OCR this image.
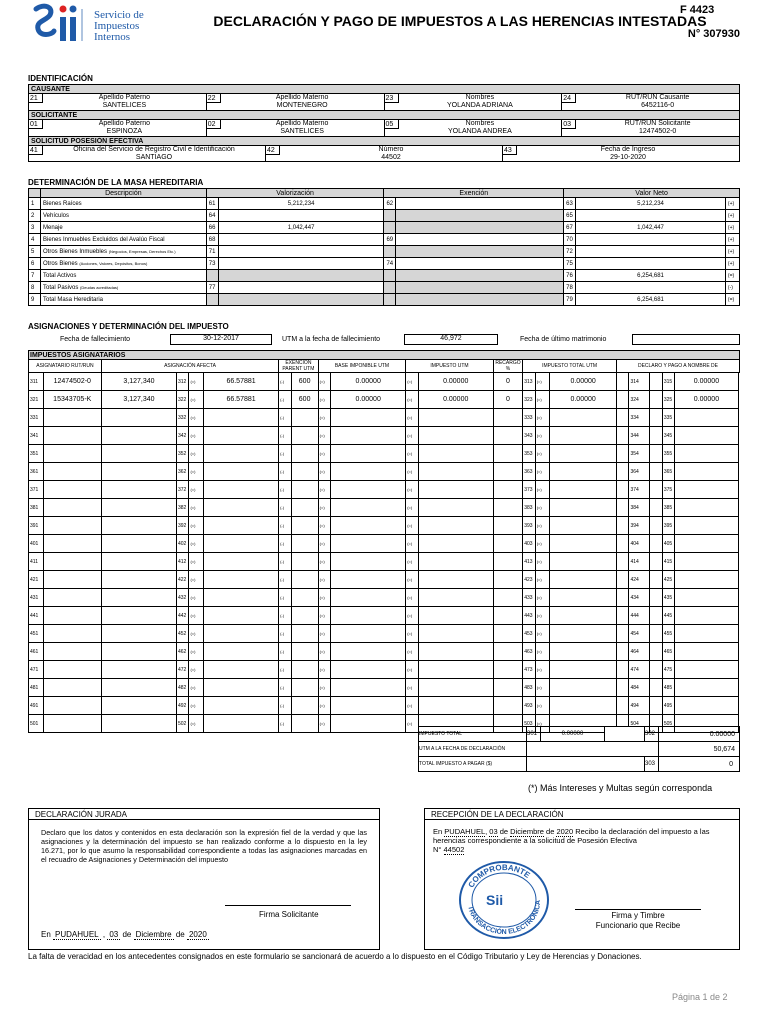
Servicio de
Impuestos
Internos
F 4423
DECLARACIÓN Y PAGO DE IMPUESTOS A LAS HERENCIAS INTESTADAS
N° 307930
IDENTIFICACIÓN
CAUSANTE
21	Apellido Paterno
SANTELICES
22	Apellido Materno
MONTENEGRO
23	Nombres
YOLANDA ADRIANA
24	RUT/RUN Causante
6452116-0
SOLICITANTE
01	Apellido Paterno
ESPINOZA
02	Apellido Materno
SANTELICES
05	Nombres
YOLANDA ANDREA
03	RUT/RUN Solicitante
12474502-0
SOLICITUD POSESIÓN EFECTIVA
41	Oficina del Servicio de Registro Civil e Identificación
SANTIAGO
42	Número
44502
43	Fecha de Ingreso
29-10-2020
DETERMINACIÓN DE LA MASA HEREDITARIA
	Descripción	Valorización		Exención		Valor Neto		
1	Bienes Raíces	61	5,212,234	62		63	5,212,234	(+)
2	Vehículos	64				65		(+)
3	Menaje	66	1,042,447			67	1,042,447	(+)
4	Bienes Inmuebles Excluidos del Avalúo Fiscal	68		69		70		(+)
5	Otros Bienes Inmuebles (Negocios, Empresas, Derechos Etc.)	71				72		(+)
6	Otros Bienes (Acciones, Valores, Depósitos, Bonos)	73		74		75		(+)
7	Total Activos					76	6,254,681	(=)
8	Total Pasivos (Deudas acreditadas)	77				78		(-)
9	Total Masa Hereditaria					79	6,254,681	(=)
ASIGNACIONES Y DETERMINACIÓN DEL IMPUESTO
Fecha de fallecimiento	30-12-2017	UTM a la fecha de fallecimiento	46,972	Fecha de último matrimonio
IMPUESTOS ASIGNATARIOS																					
ASIGNATARIO RUT/RUN		ASIGNACIÓN AFECTA				EXENCIÓN PARENT UTM		BASE IMPONIBLE UTM		IMPUESTO UTM		RECARGO %	IMPUESTO TOTAL UTM			DECLARO Y PAGO A NOMBRE DE					
311	12474502-0	3,127,340	312	(=)	66.57881	(-)	600	(=)	0.00000	(=)	0.00000	0	313	(=)	0.00000		314		315	0.00000	
321	15343705-K	3,127,340	322	(=)	66.57881	(-)	600	(=)	0.00000	(=)	0.00000	0	323	(=)	0.00000		324		325	0.00000	
331			332	(=)		(-)		(=)		(=)			333	(=)			334		335		
341			342	(=)		(-)		(=)		(=)			343	(=)			344		345		
351			352	(=)		(-)		(=)		(=)			353	(=)			354		355		
361			362	(=)		(-)		(=)		(=)			363	(=)			364		365		
371			372	(=)		(-)		(=)		(=)			373	(=)			374		375		
381			382	(=)		(-)		(=)		(=)			383	(=)			384		385		
391			392	(=)		(-)		(=)		(=)			393	(=)			394		395		
401			402	(=)		(-)		(=)		(=)			403	(=)			404		405		
411			412	(=)		(-)		(=)		(=)			413	(=)			414		415		
421			422	(=)		(-)		(=)		(=)			423	(=)			424		425		
431			432	(=)		(-)		(=)		(=)			433	(=)			434		435		
441			442	(=)		(-)		(=)		(=)			443	(=)			444		445		
451			452	(=)		(-)		(=)		(=)			453	(=)			454		455		
461			462	(=)		(-)		(=)		(=)			463	(=)			464		465		
471			472	(=)		(-)		(=)		(=)			473	(=)			474		475		
481			482	(=)		(-)		(=)		(=)			483	(=)			484		485		
491			492	(=)		(-)		(=)		(=)			493	(=)			494		495		
501			502	(=)		(-)		(=)		(=)			503	(=)			504		505		
IMPUESTO TOTAL	301	0.00000		302	0.00000
UTM A LA FECHA DE DECLARACIÓN					50,674
TOTAL IMPUESTO A PAGAR ($)				303	0
(*) Más Intereses y Multas según corresponda
DECLARACIÓN JURADA
Declaro que los datos y contenidos en esta declaración son la expresión fiel de la verdad y que las asignaciones y la determinación del impuesto se han realizado conforme a lo dispuesto en la ley 16.271, por lo que asumo la responsabilidad correspondiente a todas las asignaciones marcadas en el recuadro de Asignaciones y Determinación del impuesto
Firma Solicitante
En PUDAHUEL , 03 de Diciembre de 2020
RECEPCIÓN DE LA DECLARACIÓN
En PUDAHUEL, 03 de Diciembre de 2020 Recibo la declaración del impuesto a las herencias correspondiente a la solicitud de Posesión Efectiva
N° 44502
Firma y Timbre
Funcionario que Recibe
COMPROBANTE
TRANSACCIÓN ELECTRÓNICA
Sii
La falta de veracidad en los antecedentes consignados en este formulario se sancionará de acuerdo a lo dispuesto en el Código Tributario y Ley de Herencias y Donaciones.
Página 1 de 2
